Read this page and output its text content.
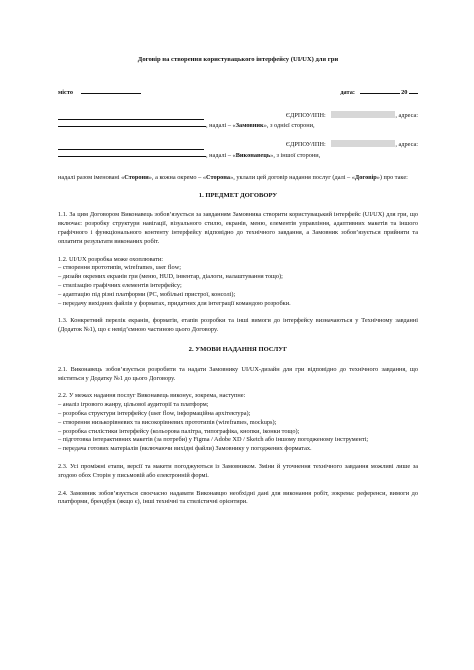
Договір на створення користувацького інтерфейсу (UI/UX) для гри
місто	дата:	20
ЄДРПОУ/ІПН:	, адреса:
, надалі – «Замовник», з однієї сторони,
ЄДРПОУ/ІПН:	, адреса:
, надалі – «Виконавець», з іншої сторони,

надалі разом іменовані «Сторони», а кожна окремо – «Сторона», уклали цей договір надання послуг (далі – «Договір») про таке:

1. ПРЕДМЕТ ДОГОВОРУ

1.1. За цим Договором Виконавець зобов’язується за завданням Замовника створити користувацький інтерфейс (UI/UX) для гри, що включає: розробку структури навігації, візуального стилю, екранів, меню, елементів управління, адаптивних макетів та іншого графічного і функціонального контенту інтерфейсу відповідно до технічного завдання, а Замовник зобов’язується прийняти та оплатити результати виконаних робіт.

1.2. UI/UX розробка може охоплювати:

– створення прототипів, wireframes, user flow;

– дизайн окремих екранів гри (меню, HUD, інвентар, діалоги, налаштування тощо);

– стилізацію графічних елементів інтерфейсу;

– адаптацію під різні платформи (PC, мобільні пристрої, консолі);

– передачу вихідних файлів у форматах, придатних для інтеграції командою розробки.

1.3. Конкретний перелік екранів, форматів, етапів розробки та інші вимоги до інтерфейсу визначаються у Технічному завданні (Додаток №1), що є невід’ємною частиною цього Договору.

2. УМОВИ НАДАННЯ ПОСЛУГ

2.1. Виконавець зобов’язується розробити та надати Замовнику UI/UX-дизайн для гри відповідно до технічного завдання, що міститься у Додатку №1 до цього Договору.

2.2. У межах надання послуг Виконавець виконує, зокрема, наступне:

– аналіз ігрового жанру, цільової аудиторії та платформ;

– розробка структури інтерфейсу (user flow, інформаційна архітектура);

– створення низькорівневих та високорівневих прототипів (wireframes, mockups);

– розробка стилістики інтерфейсу (кольорова палітра, типографіка, кнопки, іконки тощо);

– підготовка інтерактивних макетів (за потреби) у Figma / Adobe XD / Sketch або іншому погодженому інструменті;

– передача готових матеріалів (включаючи вихідні файли) Замовнику у погоджених форматах.

2.3. Усі проміжні етапи, версії та макети погоджуються із Замовником. Зміни й уточнення технічного завдання можливі лише за згодою обох Сторін у письмовій або електронній формі.

2.4. Замовник зобов’язується своєчасно надавати Виконавцю необхідні дані для виконання робіт, зокрема: референси, вимоги до платформи, брендбук (якщо є), інші технічні та стилістичні орієнтири.
